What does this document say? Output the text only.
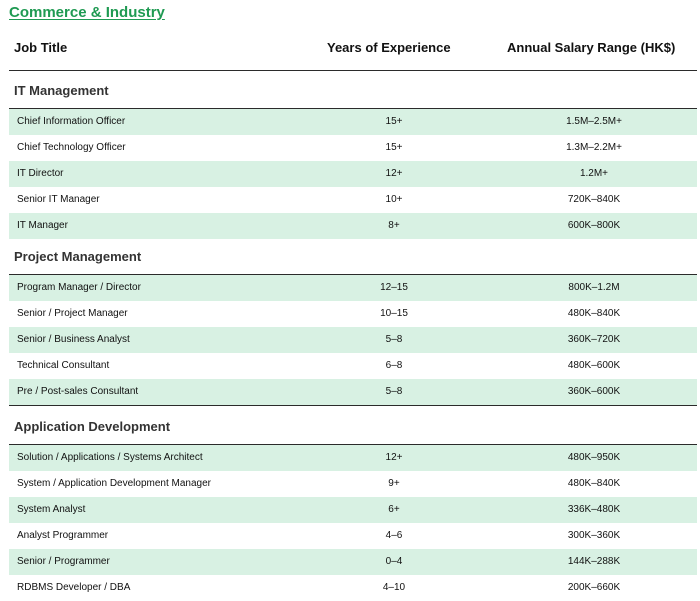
Commerce & Industry
Job Title	Years of Experience	Annual Salary Range (HK$)
IT Management
Chief Information Officer	15+	1.5M–2.5M+
Chief Technology Officer	15+	1.3M–2.2M+
IT Director	12+	1.2M+
Senior IT Manager	10+	720K–840K
IT Manager	8+	600K–800K
Project Management
Program Manager / Director	12–15	800K–1.2M
Senior / Project Manager	10–15	480K–840K
Senior / Business Analyst	5–8	360K–720K
Technical Consultant	6–8	480K–600K
Pre / Post-sales Consultant	5–8	360K–600K
Application Development
Solution / Applications / Systems Architect	12+	480K–950K
System / Application Development Manager	9+	480K–840K
System Analyst	6+	336K–480K
Analyst Programmer	4–6	300K–360K
Senior / Programmer	0–4	144K–288K
RDBMS Developer / DBA	4–10	200K–660K
